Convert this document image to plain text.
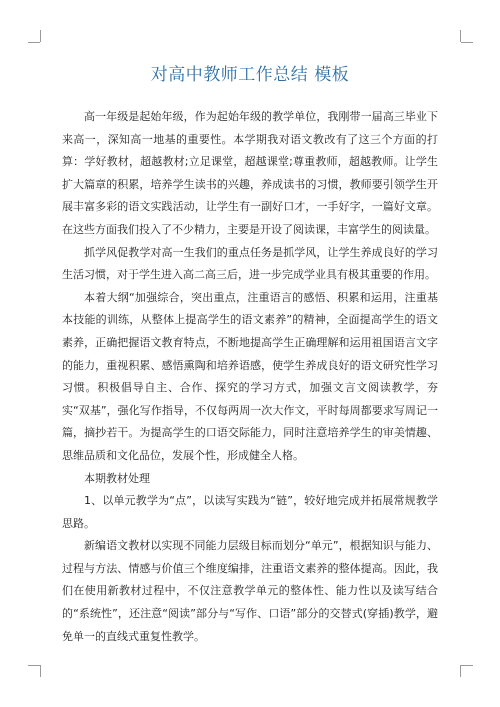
对高中教师工作总结 模板

高一年级是起始年级，作为起始年级的教学单位，我刚带一届高三毕业下来高一，深知高一地基的重要性。本学期我对语文教改有了这三个方面的打算：学好教材，超越教材;立足课堂，超越课堂;尊重教师，超越教师。让学生扩大篇章的积累，培养学生读书的兴趣，养成读书的习惯，教师要引领学生开展丰富多彩的语文实践活动，让学生有一副好口才，一手好字，一篇好文章。在这些方面我们投入了不少精力，主要是开设了阅读课，丰富学生的阅读量。

抓学风促教学对高一生我们的重点任务是抓学风，让学生养成良好的学习生活习惯，对于学生进入高二高三后，进一步完成学业具有极其重要的作用。

本着大纲“加强综合，突出重点，注重语言的感悟、积累和运用，注重基本技能的训练，从整体上提高学生的语文素养”的精神，全面提高学生的语文素养，正确把握语文教育特点，不断地提高学生正确理解和运用祖国语言文字的能力，重视积累、感悟熏陶和培养语感，使学生养成良好的语文研究性学习习惯。积极倡导自主、合作、探究的学习方式，加强文言文阅读教学，夯实“双基”，强化写作指导，不仅每两周一次大作文，平时每周都要求写周记一篇，摘抄若干。为提高学生的口语交际能力，同时注意培养学生的审美情趣、思维品质和文化品位，发展个性，形成健全人格。

本期教材处理

1、以单元教学为“点”，以读写实践为“链”，较好地完成并拓展常规教学思路。

新编语文教材以实现不同能力层级目标而划分“单元”，根据知识与能力、过程与方法、情感与价值三个维度编排，注重语文素养的整体提高。因此，我们在使用新教材过程中，不仅注意教学单元的整体性、能力性以及读写结合的“系统性”，还注意“阅读”部分与“写作、口语”部分的交替式(穿插)教学，避免单一的直线式重复性教学。
